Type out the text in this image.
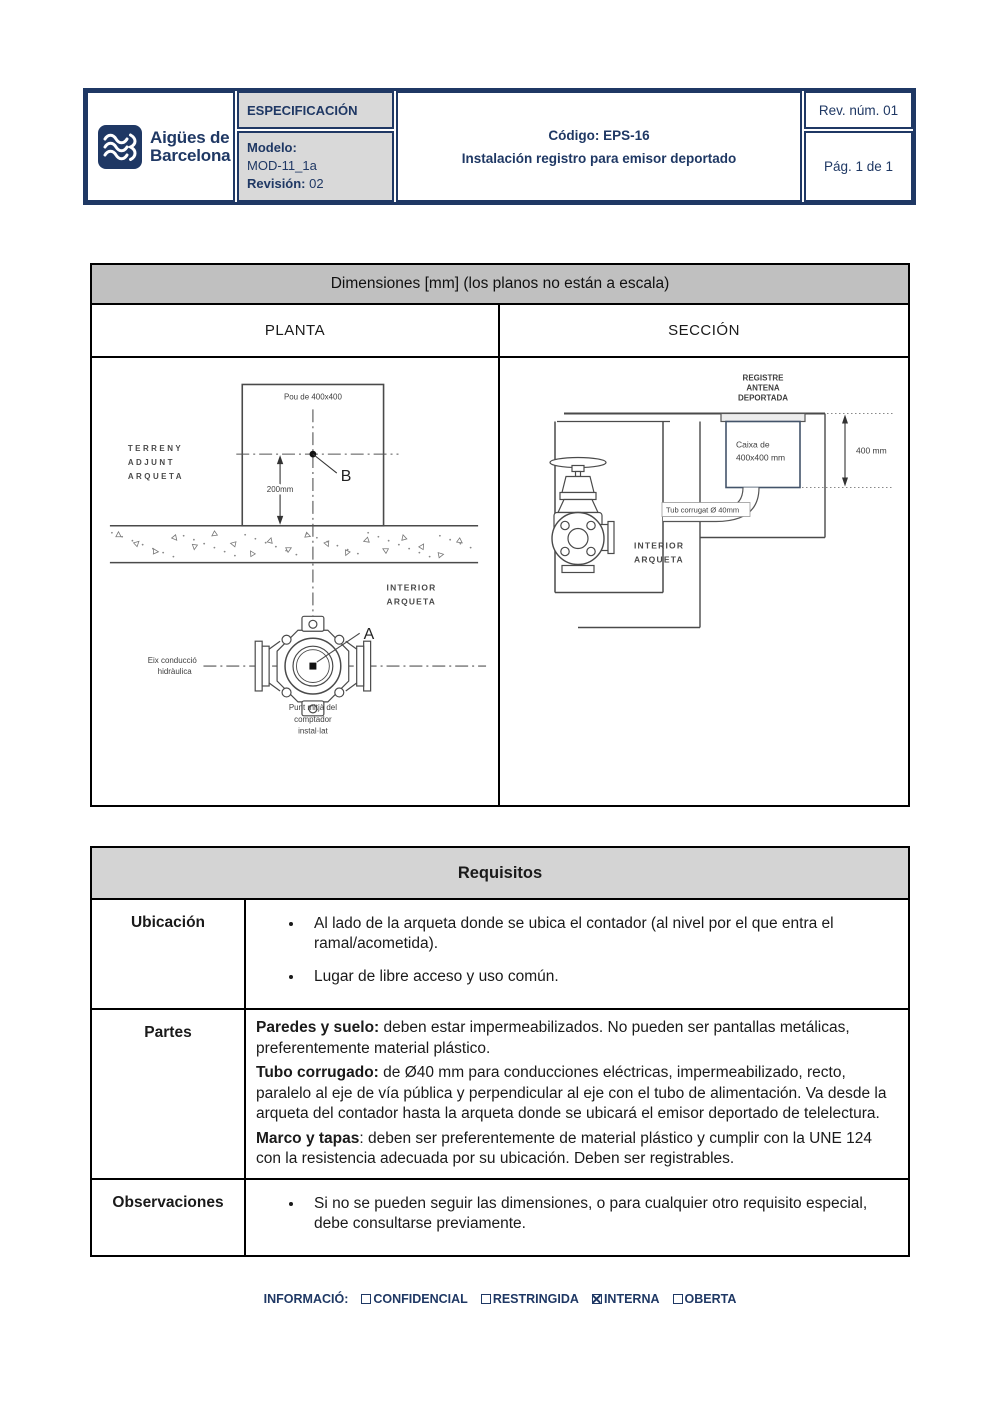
Aigües de
Barcelona
ESPECIFICACIÓN
Modelo:
MOD-11_1a
Revisión: 02
Código: EPS-16
Instalación registro para emisor deportado
Rev. núm. 01
Pág. 1 de 1
Dimensiones [mm] (los planos no están a escala)
PLANTA	SECCIÓN
Pou de 400x400
TERRENY
ADJUNT
ARQUETA
200mm
B
INTERIOR
ARQUETA
Eix conducció
hidràulica
A
Punt mitjà del
comptador
instal·lat
REGISTRE
ANTENA
DEPORTADA
Caixa de
400x400 mm
400 mm
Tub corrugat Ø 40mm
INTERIOR
ARQUETA
Requisitos
Ubicación	• Al lado de la arqueta donde se ubica el contador (al nivel por el que entra el ramal/acometida).
• Lugar de libre acceso y uso común.
Partes	Paredes y suelo: deben estar impermeabilizados. No pueden ser pantallas metálicas, preferentemente material plástico.

Tubo corrugado: de Ø40 mm para conducciones eléctricas, impermeabilizado, recto, paralelo al eje de vía pública y perpendicular al eje con el tubo de alimentación. Va desde la arqueta del contador hasta la arqueta donde se ubicará el emisor deportado de telelectura.

Marco y tapas: deben ser preferentemente de material plástico y cumplir con la UNE 124 con la resistencia adecuada por su ubicación. Deben ser registrables.

Observaciones	• Si no se pueden seguir las dimensiones, o para cualquier otro requisito especial, debe consultarse previamente.
INFORMACIÓ: CONFIDENCIAL RESTRINGIDA INTERNA OBERTA
